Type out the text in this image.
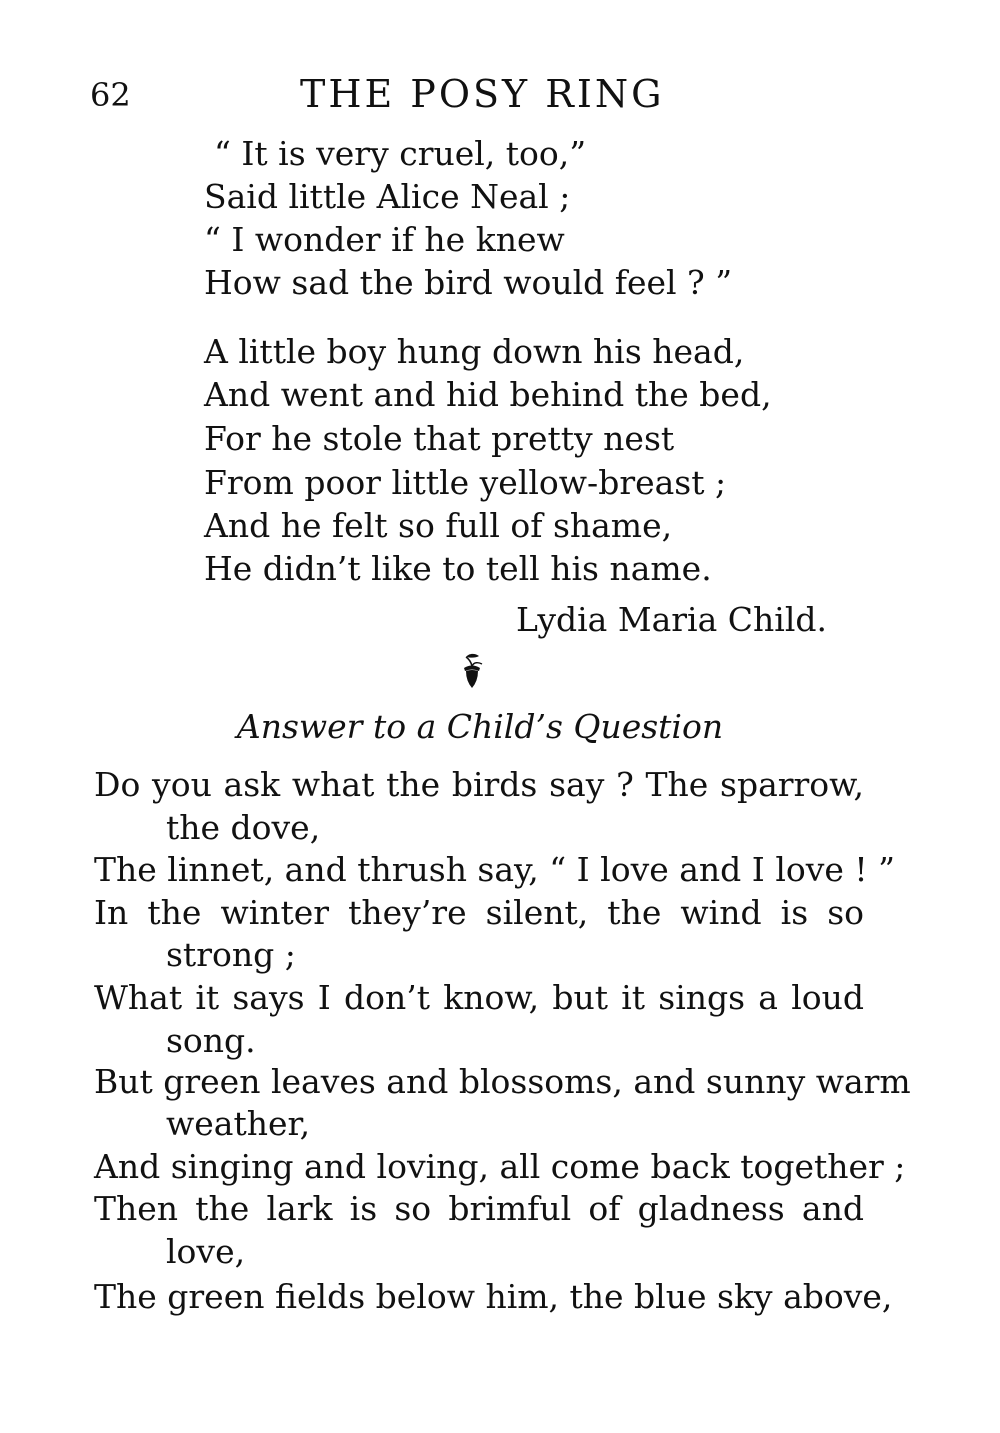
62	THE POSY RING
“ It is very cruel, too,”
Said little Alice Neal ;
“ I wonder if he knew
How sad the bird would feel ? ”
A little boy hung down his head,
And went and hid behind the bed,
For he stole that pretty nest
From poor little yellow-breast ;
And he felt so full of shame,
He didn’t like to tell his name.
Lydia Maria Child.
Answer to a Child’s Question
Do you ask what the birds say ? The sparrow,
the dove,
The linnet, and thrush say, “ I love and I love ! ”
In the winter they’re silent, the wind is so
strong ;
What it says I don’t know, but it sings a loud
song.
But green leaves and blossoms, and sunny warm
weather,
And singing and loving, all come back together ;
Then the lark is so brimful of gladness and
love,
The green fields below him, the blue sky above,
